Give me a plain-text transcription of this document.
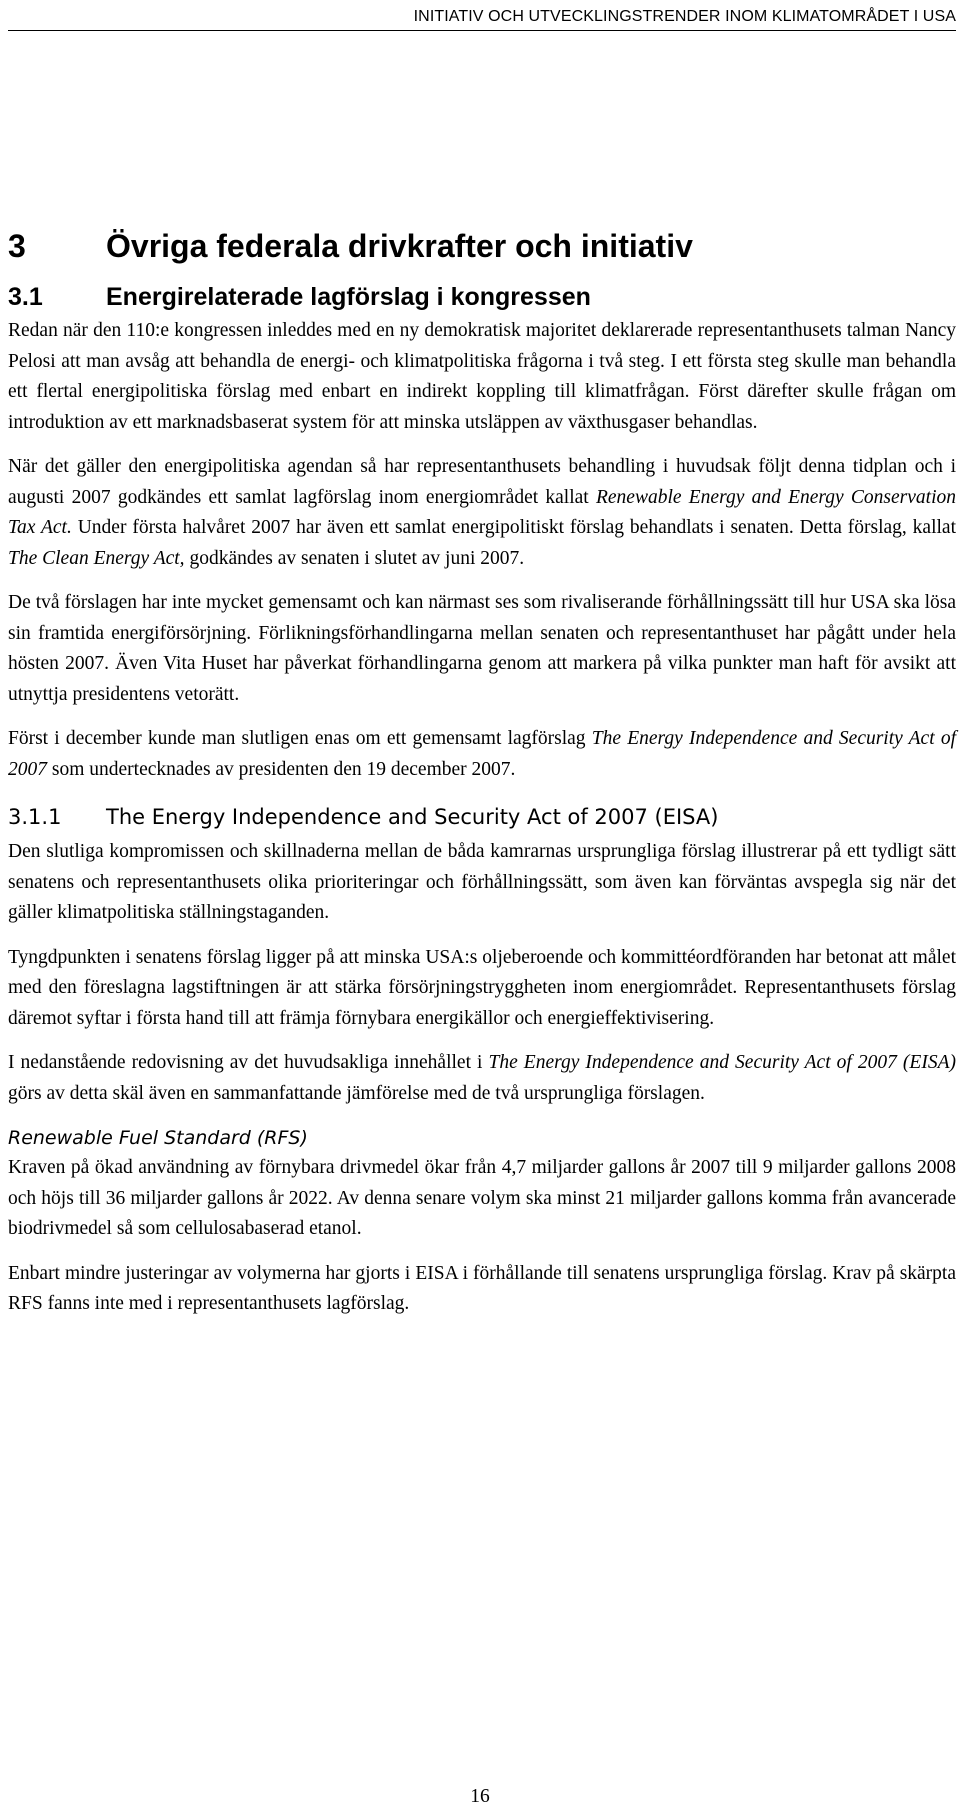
INITIATIV OCH UTVECKLINGSTRENDER INOM KLIMATOMRÅDET I USA
3	Övriga federala drivkrafter och initiativ
3.1	Energirelaterade lagförslag i kongressen

Redan när den 110:e kongressen inleddes med en ny demokratisk majoritet deklarerade representanthusets talman Nancy Pelosi att man avsåg att behandla de energi- och klimatpolitiska frågorna i två steg. I ett första steg skulle man behandla ett flertal energipolitiska förslag med enbart en indirekt koppling till klimatfrågan. Först därefter skulle frågan om introduktion av ett marknadsbaserat system för att minska utsläppen av växthusgaser behandlas.

När det gäller den energipolitiska agendan så har representanthusets behandling i huvudsak följt denna tidplan och i augusti 2007 godkändes ett samlat lagförslag inom energiområdet kallat Renewable Energy and Energy Conservation Tax Act. Under första halvåret 2007 har även ett samlat energipolitiskt förslag behandlats i senaten. Detta förslag, kallat The Clean Energy Act, godkändes av senaten i slutet av juni 2007.

De två förslagen har inte mycket gemensamt och kan närmast ses som rivaliserande förhållningssätt till hur USA ska lösa sin framtida energiförsörjning. Förlikningsförhandlingarna mellan senaten och representanthuset har pågått under hela hösten 2007. Även Vita Huset har påverkat förhandlingarna genom att markera på vilka punkter man haft för avsikt att utnyttja presidentens vetorätt.

Först i december kunde man slutligen enas om ett gemensamt lagförslag The Energy Independence and Security Act of 2007 som undertecknades av presidenten den 19 december 2007.

3.1.1 The Energy Independence and Security Act of 2007 (EISA)

Den slutliga kompromissen och skillnaderna mellan de båda kamrarnas ursprungliga förslag illustrerar på ett tydligt sätt senatens och representanthusets olika prioriteringar och förhållningssätt, som även kan förväntas avspegla sig när det gäller klimatpolitiska ställningstaganden.

Tyngdpunkten i senatens förslag ligger på att minska USA:s oljeberoende och kommittéordföranden har betonat att målet med den föreslagna lagstiftningen är att stärka försörjningstryggheten inom energiområdet. Representanthusets förslag däremot syftar i första hand till att främja förnybara energikällor och energieffektivisering.

I nedanstående redovisning av det huvudsakliga innehållet i The Energy Independence and Security Act of 2007 (EISA) görs av detta skäl även en sammanfattande jämförelse med de två ursprungliga förslagen.

Renewable Fuel Standard (RFS)

Kraven på ökad användning av förnybara drivmedel ökar från 4,7 miljarder gallons år 2007 till 9 miljarder gallons 2008 och höjs till 36 miljarder gallons år 2022. Av denna senare volym ska minst 21 miljarder gallons komma från avancerade biodrivmedel så som cellulosabaserad etanol.

Enbart mindre justeringar av volymerna har gjorts i EISA i förhållande till senatens ursprungliga förslag. Krav på skärpta RFS fanns inte med i representanthusets lagförslag.

16
